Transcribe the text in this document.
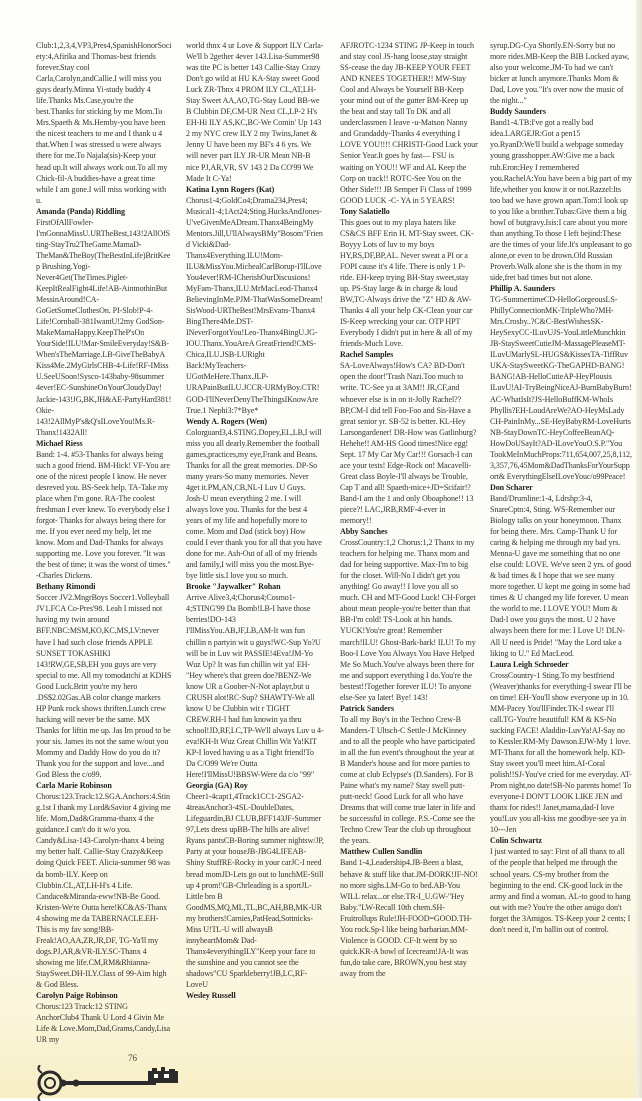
Club:1,2,3,4,VP3,Pres4,SpanishHonorSociety:4,Afirika and Thomas-best friends forever.Stay cool Carla,Carolyn,andCallie.I will miss you guys dearly.Minna Yi-study buddy 4 life.Thanks Ms.Case,you're the best.Thanks for sticking by me Mom.To Mrs.Spaeth & Ms.Hemby-you have been the nicest teachers to me and I thank u 4 that.When I was stressed u were always there for me.To Najala(sis)-Keep your head up.It will always work out.To all my Chick-fil-A buddies-have a great time while I am gone.I will miss working with u.
Amanda (Panda) Riddling
FirstOfAllFowler-I'mGonnaMissU.URTheBest,143!2AllOfSting-StayTru2TheGame.MamaD-TheMan&TheBoy(TheBestInLife)BritKeep Brushing.Yogi-Never4Get(TheTimes.Piglet-KeepItRealFight4Life!AB-AintnothinBut MessinAround!CA-GoGetSomeClothesOn. PI-Slob!P-4-Life!Cornball-381IwantU!2my GodSon-MakeMamaHappy.KeepTheP'sOn YourSide!ILU!Mar-SmileEveryday!S&B-When'sTheMarriage.LB-GiveTheBabyA Kiss4Me.2MyGirlsCHB-4-Life!RF-IMiss U.SeeUSoon!Sysco-143baby-98summer 4ever!EC-SunshineOnYourCloudyDay! Jackie-143!JG,BK,JH&AE-PartyHard381! Okie-143!2AllMyP's&Q'sILoveYou!Ms.R-Thanx!1432All!
Michael Riess
Band: 1-4. #53-Thanks for always being such a good friend. BM-Hick! VF-You are one of the nicest people I know. He never desreved you. BS-Seek help. TA-Take my place when I'm gone. RA-The coolest freshman I ever knew. To everybody else I forgot- Thanks for always being there for me. If you ever need my help, let me know. Mom and Dad-Thanks for always supporting me. Love you forever. "It was the best of time; it was the worst of times." -Charles Dickens.
Bethany Rimondi
Soccer JV2.MngrBoys Soccer1.Volleyball JV1.FCA Co-Pres'98. Leah I missed not having my twin around BFF.NBC:MSM,KO,KC,MS,LV:never have I had such close friends APPLE SUNSET TOKASHIKI 143!RW,GE,SB,EH you guys are very special to me. All my tomodatchi at KDHS Good Luck.Britt you're my hero .DS$2.02Gas.AB color change markers HP Punk rock shows thriften.Lunch crew hacking will never be the same. MX Thanks for liftin me up. Jas Im proud to be your sis. James its not the same w/out you Mommy and Daddy How do you do it? Thank you for the support and love...and God Bless the c/o99.
Carla Marie Robinson
Chorus:123.Track:12.SGA.Anchors:4.Sting.1st I thank my Lord&Savior 4 giving me life. Mom,Dad&Gramma-thanx 4 the guidance.I can't do it w/o you. Candy&Lisa-143-Carolyn-thanx 4 being my better half. Callie-Stay Crazy&Keep doing Quick FEET. Alicia-summer 98 was da bomb-ILY. Keep on Clubbin.CL,AT,LH-H's 4 Life. Candace&Miranda-eww!NB-Be Good. Kristen-We're Outta here!KC&AS-Thanx 4 showing me da TABERNACLE.EH-This is my fav song!BB-Freak!AO,AA,ZR,JR,DF, TG-Ya'll my dogs.PJ,AR,&VR-ILY.SC-Thanx 4 showing me life.CM,RM&Rhianna-StaySweet.DH-ILY.Class of 99-Aim high & God Bless.
Carolyn Paige Robinson
Chorus:123 Track:12 STING AnchorClub4 Thank U Lord 4 Givin Me Life & Love.Mom,Dad,Grams,Candy,Lisa UR my
world thnx 4 ur Love & Support ILY Carla-We'll b 2gether 4ever 143.Lisa-Summer98 was tite PC is better 143 Callie-Stay Crazy Don't go wild at HU KA-Stay sweet Good Luck ZR-Thnx 4 PROM ILY CL,AT,LH-Stay Sweet AA,AO,TG-Stay Loud BB-we B Clubbin DF,CM-UR Next CL,LP-2 H's EH-Hi ILY AS,KC,BC-We Comin' Up 143 2 my NYC crew ILY 2 my Twins,Janet & Jenny U have been my BF's 4 6 yrs. We will never part ILY JR-UR Mean NB-B nice PJ,AR,VR, SV 143 2 Da CO'99 We Made It C-Ya!
Katina Lynn Rogers (Kat)
Chorus1-4;GoldCo4;Drama234,Pres4; Musical1-4;1Act24;Sting.HucksAndJones-U'veGivenMeADream.Thanx4BeingMy Mentors.Jill,U'llAlwaysBMy"Bosom"Friend Vicki&Dad-Thanx4Everything.ILU!Mom-ILU&MissYou.MichealCarlBorup-I'llLove You4ever!RM-ICherishOurDiscusions! MyFam-Thanx,ILU.MrMacLeod-Thanx4 BelievingInMe.PJM-ThatWasSomeDream! SisWood-URTheBest!MrsEvans-Thanx4 BingThere4Me.DST-INeverForgotYou!Leo-Thanx4BingU.JG-IOU.Thanx.YouAreA GreatFriend!CMS-Chica,ILU.JSB-LURight Back!MyTeachers-UGotMeHere.Thanx.JLP-URAPainButILU.JCCR-URMyBoy.CTR! GOD-I'llNeverDenyTheThingsIKnowAre True.1 Nephi3:7*Bye*
Wendy A. Rogers (Wen)
Colorguard3,4.STING.Dopey,EL,LB,I will miss you all dearly.Remember the football games,practices,my eye,Frank and Beans. Thanks for all the great memories. DP-So many years-So many memories. Never 4get it.PM,AN,CB,NL-I Luv U Guys. Josh-U mean everything 2 me. I will always love you. Thanks for the best 4 years of my life and hopefully more to come. Mom and Dad (stick boy) How could I ever thank you for all that you have done for me. Ash-Out of all of my friends and family,I will miss you the most.Bye-bye little sis.I love you so much.
Brooke "Jaywalker" Rohan
Arrive Alive3,4;Chorus4;Cosmo1-4;STING'99 Da Bomb!LB-I have those berries!DO-143 I'llMissYou.AB,JF,LB,AM-It was fun chillin n partyin wit u guys!WC-Sup Yo?U will be in Luv wit PASSIE!4Eva!JM-Yo Wuz Up? It was fun chillin wit ya! EH-"Hey where's that green doe?BENZ-We know UR a Goober-N-Not aplayr,but u CRUSH alot!RC-Sup? SHAWTY-We all know U be Clubbin wit r TIGHT CREW.RH-I had fun knowin ya thru school!JD,RF,LC,TP-We'll always Luv u 4-eva!KH-It Wuz Great Chillin Wit Ya!KIT KP-I loved having u as a Tight friend!To Da C/O99 We're Outta Here!I'llMissU!BBSW-Were da c/o "99"
Georgia (GA) Roy
Cheer1-4capt1,4Track1CC1-2SGA2-4treasAnchor3-4SL-DoubleDates, Lifeguardin,BJ CLUB,BFF143JF-Summer 97,Lets dress upBB-The hills are alive! Ryans pantsCB-Boring summer nightsw/JP, Party at your houseJB-JBG4LIFEAB-Shiny StuffRE-Rocky in your carJC-I need bread momJD-Lets go out to lunchME-Still up 4 prom!'GB-Chrleading is a sportJL-Little bro B GoodMS,MQ,ML,TL,BC,AH,BB,MK-UR my brothers!Carnies,PatHead,Sottnicks-Miss U!TL-U will alwaysB innyheartMom& Dad-Thanx4everythingILY"Keep your face to the sunshine and you cannot see the shadows"CU Sparkleberry!JB,LC,RF-LoveU
Wesley Russell
AFJROTC-1234 STING JP-Keep in touch and stay cool JS-hang loose,stay straight SS-cease the day JB-KEEP YOUR FEET AND KNEES TOGETHER!! MW-Stay Cool and Always be Yourself BB-Keep your mind out of the gutter BM-Keep up the beat and stay tall To DK and all underclassmen I leave -u-Matson Nanny and Grandaddy-Thanks 4 everything I LOVE YOU!!!! CHRISTI-Good Luck your Senior Year.It goes by fast— FSU is waiting on YOU!! WF and AL Keep the Corp on track!! ROTC-See You on the Other Side!!! JB Semper Fi Class of 1999 GOOD LUCK -C- YA in 5 YEARS!
Tony Salatiello
This goes out to my playa haters like CS&CS BFF Erin H. MT-Stay sweet. CK-Boyyy Lots of luv to my boys HY,RS,DF,BP,AL. Never sweat a PI or a FOPI cause it's 4 life. There is only 1 P-ride. EH-keep trying BH-Stay sweet,stay up. PS-Stay large & in charge & loud BW,TC-Always drive the "Z" HD & AW-Thanks 4 all your help CK-Clean your car IS-Keep wrecking your car. OTP HPT Everybody I didn't put in here & all of my friends-Much Love.
Rachel Samples
SA-LoveAlways!How's CA? BD-Don't open the door!'Trash Nazi.Too much to write. TC-See ya at 3AM!! JR,CF,and whoever else is in on it-Jolly Rachel?? BP,CM-I did tell Foo-Foo and Sis-Have a great senior yr. SB-52 is better. KL-Hey Larsongardener! DR-How was Gatlinburg? Hehehe!! AM-HS Good times!Nice egg! Sept. 17 My Car My Car!!! Gorsach-I can ace your tests! Edge-Rock on! Macavelli-Great class Boyle-I'll always be Trouble, Cap T and all! Spaeth-mice+JD=Scifair!? Band-I am the 1 and only Oboaphone!! 13 piece?! LAC,JRB,RMF-4-ever in memory!!
Abby Sanches
CrossCountry:1,2 Chorus:1,2 Thanx to my teachers for helping me. Thanx mom and dad for being supportive. Max-I'm to big for the closet. Will-No I didn't get you anything! Go away!! I love you all so much. CH and MT-Good Luck! CH-Forget about mean people-you're better than that BB-I'm cold! TS-Look at his hands. YUCK!You're great! Remember march!ILU! Ghost-Bark-bark! ILU! To my Boo-I Love You Always You Have Helped Me So Much.You've always been there for me and support everything I do.You're the bestest!!Together forever ILU! To anyone else-See ya later! Bye! 143!
Patrick Sanders
To all my Boy's in the Techno Crew-B Manders-T Ultsch-C Settle-J McKinney and to all the people who have participated in all the fun event's throughout the year at B Mander's house and for more parties to come at club Eclypse's (D.Sanders). For B Paine what's my name? Stay swell putt-putt-neck! Good Luck for all who have Dreams that will come true later in life and be successful in college. P.S.-Come see the Techno Crew Tear the club up throughout the years.
Matthew Cullen Sandlin
Band 1-4,Leadership4.JB-Been a blast, behave & stuff like that.JM-DORK!JF-NO! no more sighs.LM-Go to bed.AB-You WILL relax...or else.TR-I_U.GW-"Hey Baby."LW-Recall 10th chem.SH-Fruitrollups Rule!JH-FOOD=GOOD.TH-You rock.Sp-I like being barbarian.MM-Violence is GOOD. CF-It went by so quick.KR-A bowl of Icecream!JA-It was fun,do take care, BROWN,you best stay away from the
syrup.DG-Cya Shortly.EN-Sorry but no more rides.MB-Keep the BIB Locked ayaw, also your welcome.JM-To bad we can't bicker at lunch anymore.Thanks Mom & Dad, Love you."It's over now the music of the night..."
Buddy Saunders
Band1-4.TB:I've got a really bad idea.LARGEJR:Got a pen15 yo.RyanD:We'll build a webpage someday young grasshopper.AW:Give me a back rub.Eron:Hey I remembered you.RachelA:You have been a big part of my life,whether you know it or not.Razzel:Its too bad we have grown apart.Tom:I look up to you like a brother.Tubas:Give them a big bowl of butgravy.Isis:I care about you more than anything.To those I left bejind:These are the times of your life.It's unpleasant to go alone,or even to be drown.Old Russian Proverb.Walk alone she is the thorn in my side,fret bad times but not alone.
Phillip A. Saunders
TG-SummertimeCD-HelloGorgeousLS-PhillyConnectionMK-TripleWho?MH-Mrs.Crosby..?C&C-BestWishesSK-HeySexyCC-ILuvUJS-YouLittleMunchkin JB-StaySweetCutieJM-MassagePleaseMT-ILuvUMarlySL-HUGS&KissesTA-TiffRuv UKA-StaySweetKG-TheGAPHD-BANG! BANG!AB-HelloCutieAP-HeyPlousis ILuvU!AI-TryBeingNiceAJ-BurnBabyBurn! AC-WhatIsIt?JS-HelloBuffKM-WhoIs Phyllis?EH-LoudAreWe?AO-HeyMsLady CH-PainInMy...SE-HeyBabyRM-LoveHurts NB-StayDownTC-HeyCoffeeBeanAQ-HowDoUSayIt?AD-ILoveYouO.S.P."You TookMeInMuchProps:711,654,007,25,8,112, 3,357,76,45Mom&DadThanksForYourSupport& EverythingElseILoveYouc/o99Peace!
Don Scharer
Band/Drumline:1-4, Ldrshp:3-4, SnareCptn:4, Sting. WS-Remember our Biology talks on your honeymoon. Thanx for being there. Mrs. Camp-Thank U for caring & helping me through my bad yrs. Menna-U gave me something that no one else could: LOVE. We've seen 2 yrs. of good & bad times & I hope that we see many more together. U kept me going in some bad times & U changed my life forever. U mean the world to me. I LOVE YOU! Mom & Dad-I owe you guys the most. U 2 have always been there for me: I Love U! DLN-All U need is Pride! "May the Lord take a liking to U." Ed MacLeod.
Laura Leigh Schroeder
CrossCountry-1 Sting.To my bestfriend (Weaver)thanks for everything-I swear I'll be on time! EH-You'll show everyone up in 10. MM-Pacey You'llFinder.TK-I swear I'll call.TG-You're beautiful! KM & KS-No sucking FACE! Aladdin-LuvYa!AJ-Say no to Kessler.RM-My Dawson.EJW-My 1 love. MT-Thanx for all the homework help. KD-Stay sweet you'll meet him.AI-Coral polish!!SJ-You've cried for me everyday. AT-Prom night,no date!SB-No parents home! To everyone-I DON'T LOOK LIKE JEN and thanx for rides!! Janet,mama,dad-I love you!Luv you all-kiss me goodbye-see ya in 10---Jen
Colin Schwartz
I just wanted to say: First of all thanx to all of the people that helped me through the school years. CS-my brother from the beginning to the end. CK-good luck in the army and find a woman. AL-to good to hang out with me? You're the other amigo don't forget the 3Amigos. TS-Keep your 2 cents; I don't need it, I'm ballin out of control.
76
